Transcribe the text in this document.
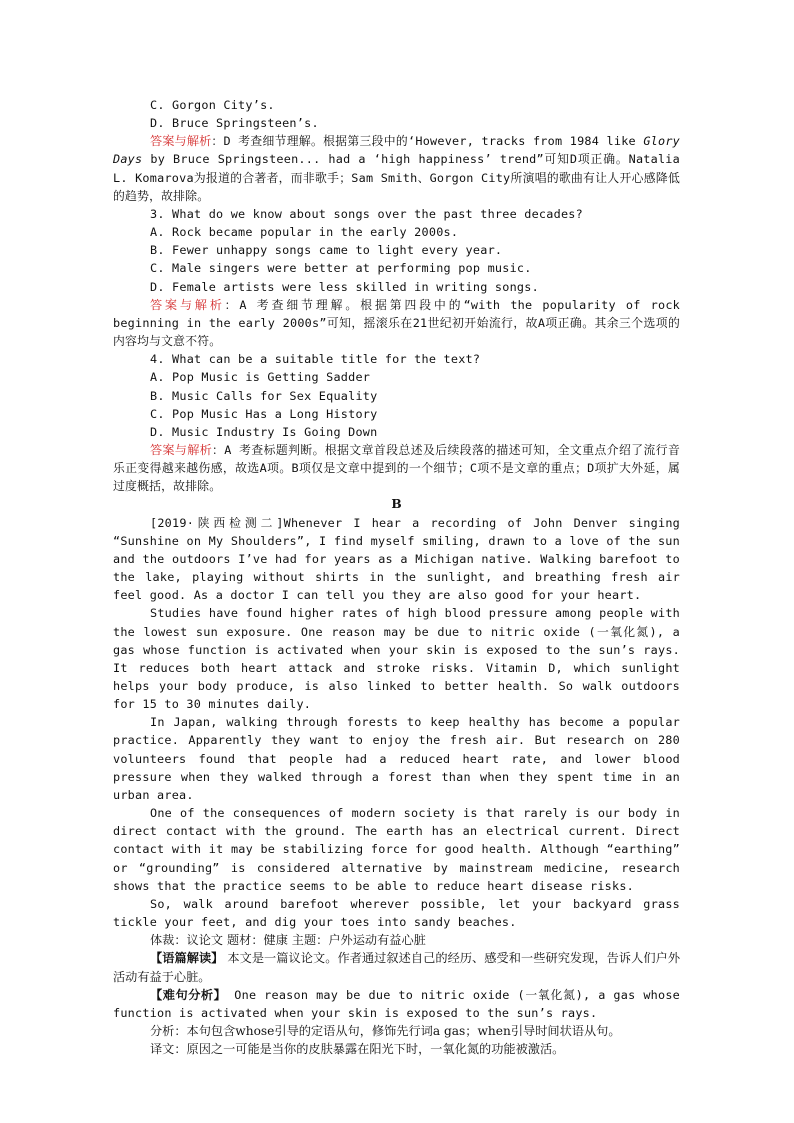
C. Gorgon City’s.

D. Bruce Springsteen’s.

答案与解析：D 考查细节理解。根据第三段中的‘However, tracks from 1984 like Glory Days by Bruce Springsteen... had a ‘high happiness’ trend”可知D项正确。Natalia L. Komarova为报道的合著者，而非歌手；Sam Smith、Gorgon City所演唱的歌曲有让人开心感降低的趋势，故排除。

3. What do we know about songs over the past three decades?

A. Rock became popular in the early 2000s.

B. Fewer unhappy songs came to light every year.

C. Male singers were better at performing pop music.

D. Female artists were less skilled in writing songs.

答案与解析：A 考查细节理解。根据第四段中的“with the popularity of rock beginning in the early 2000s”可知，摇滚乐在21世纪初开始流行，故A项正确。其余三个选项的内容均与文意不符。

4. What can be a suitable title for the text?

A. Pop Music is Getting Sadder

B. Music Calls for Sex Equality

C. Pop Music Has a Long History

D. Music Industry Is Going Down

答案与解析：A 考查标题判断。根据文章首段总述及后续段落的描述可知，全文重点介绍了流行音乐正变得越来越伤感，故选A项。B项仅是文章中提到的一个细节；C项不是文章的重点；D项扩大外延，属过度概括，故排除。

B

[2019·陕西检测二]Whenever I hear a recording of John Denver singing “Sunshine on My Shoulders”, I find myself smiling, drawn to a love of the sun and the outdoors I’ve had for years as a Michigan native. Walking barefoot to the lake, playing without shirts in the sunlight, and breathing fresh air feel good. As a doctor I can tell you they are also good for your heart.

Studies have found higher rates of high blood pressure among people with the lowest sun exposure. One reason may be due to nitric oxide (一氧化氮), a gas whose function is activated when your skin is exposed to the sun’s rays. It reduces both heart attack and stroke risks. Vitamin D, which sunlight helps your body produce, is also linked to better health. So walk outdoors for 15 to 30 minutes daily.

In Japan, walking through forests to keep healthy has become a popular practice. Apparently they want to enjoy the fresh air. But research on 280 volunteers found that people had a reduced heart rate, and lower blood pressure when they walked through a forest than when they spent time in an urban area.

One of the consequences of modern society is that rarely is our body in direct contact with the ground. The earth has an electrical current. Direct contact with it may be stabilizing force for good health. Although “earthing” or “grounding” is considered alternative by mainstream medicine, research shows that the practice seems to be able to reduce heart disease risks.

So, walk around barefoot wherever possible, let your backyard grass tickle your feet, and dig your toes into sandy beaches.

体裁：议论文 题材：健康 主题：户外运动有益心脏

【语篇解读】 本文是一篇议论文。作者通过叙述自己的经历、感受和一些研究发现，告诉人们户外活动有益于心脏。

【难句分析】 One reason may be due to nitric oxide (一氧化氮), a gas whose function is activated when your skin is exposed to the sun’s rays.

分析：本句包含whose引导的定语从句，修饰先行词a gas；when引导时间状语从句。

译文：原因之一可能是当你的皮肤暴露在阳光下时，一氧化氮的功能被激活。
